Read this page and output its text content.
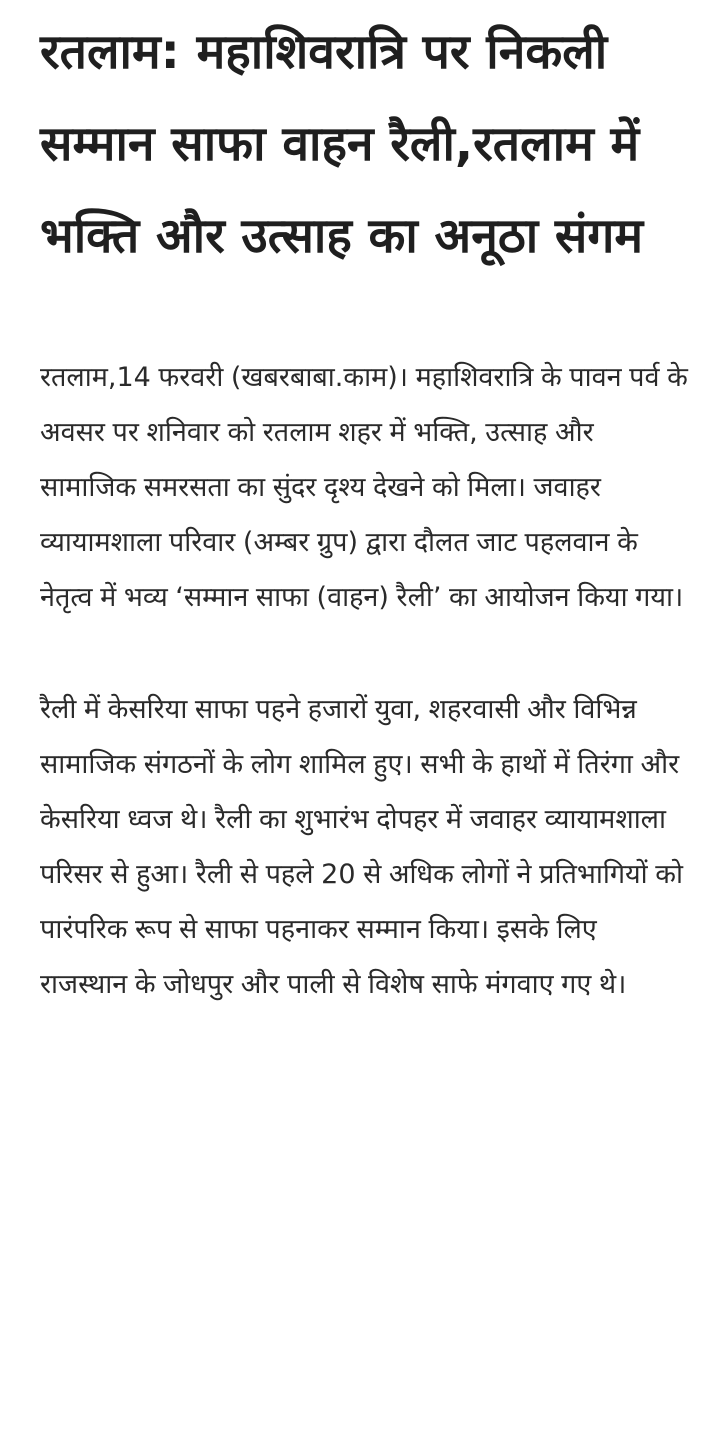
रतलाम: महाशिवरात्रि पर निकली सम्मान साफा वाहन रैली,रतलाम में भक्ति और उत्साह का अनूठा संगम

रतलाम,14 फरवरी (खबरबाबा.काम)। महाशिवरात्रि के पावन पर्व के अवसर पर शनिवार को रतलाम शहर में भक्ति, उत्साह और सामाजिक समरसता का सुंदर दृश्य देखने को मिला। जवाहर व्यायामशाला परिवार (अम्बर ग्रुप) द्वारा दौलत जाट पहलवान के नेतृत्व में भव्य ‘सम्मान साफा (वाहन) रैली’ का आयोजन किया गया।

रैली में केसरिया साफा पहने हजारों युवा, शहरवासी और विभिन्न सामाजिक संगठनों के लोग शामिल हुए। सभी के हाथों में तिरंगा और केसरिया ध्वज थे। रैली का शुभारंभ दोपहर में जवाहर व्यायामशाला परिसर से हुआ। रैली से पहले 20 से अधिक लोगों ने प्रतिभागियों को पारंपरिक रूप से साफा पहनाकर सम्मान किया। इसके लिए राजस्थान के जोधपुर और पाली से विशेष साफे मंगवाए गए थे।
